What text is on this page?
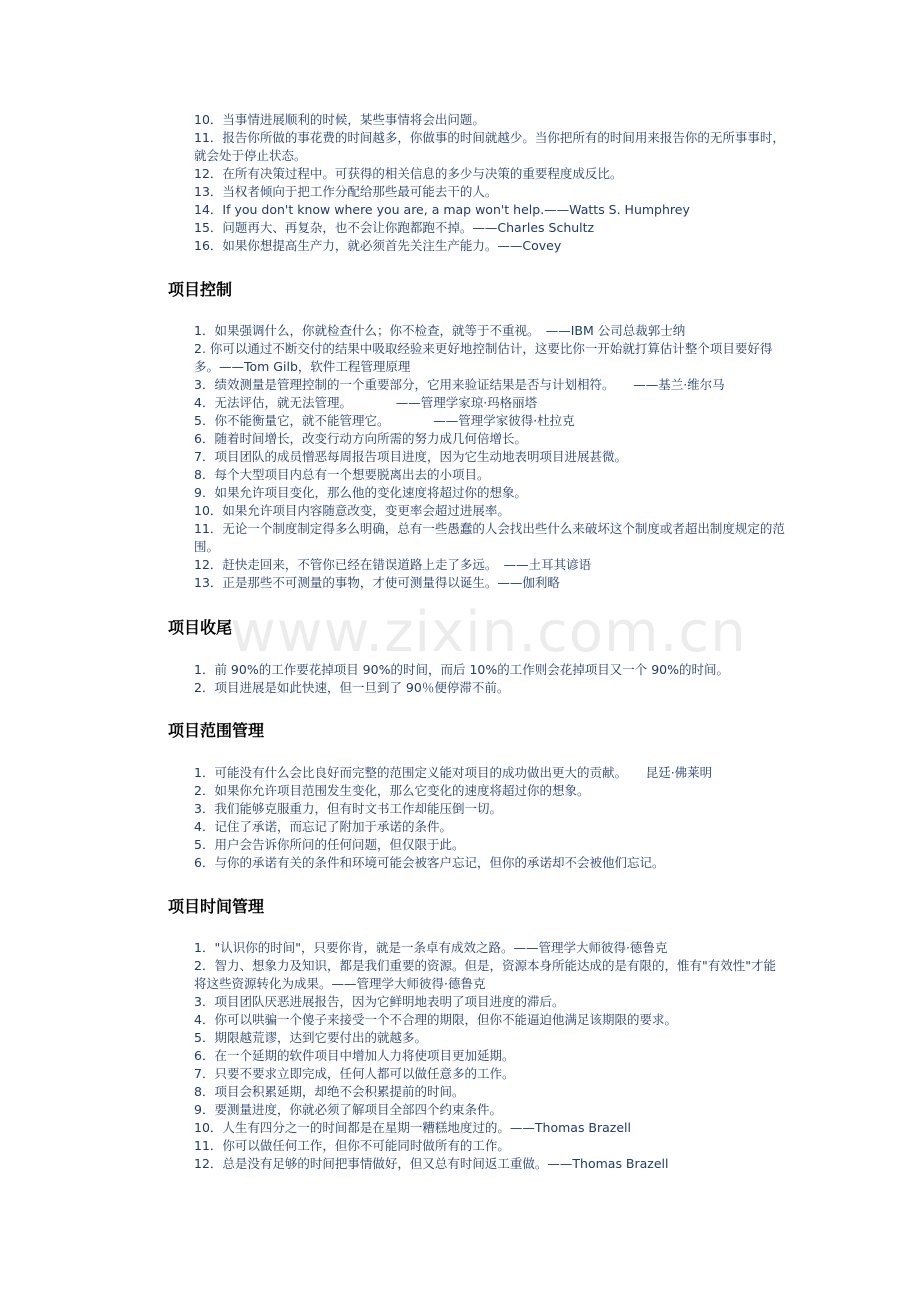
www.zixin.com.cn
10．当事情进展顺利的时候，某些事情将会出问题。
11．报告你所做的事花费的时间越多，你做事的时间就越少。当你把所有的时间用来报告你的无所事事时，就会处于停止状态。
12．在所有决策过程中。可获得的相关信息的多少与决策的重要程度成反比。
13．当权者倾向于把工作分配给那些最可能去干的人。
14．If you don't know where you are, a map won't help.——Watts S. Humphrey
15．问题再大、再复杂，也不会让你跑都跑不掉。——Charles Schultz
16．如果你想提高生产力，就必须首先关注生产能力。——Covey
项目控制
1．如果强调什么，你就检查什么；你不检查，就等于不重视。　——IBM 公司总裁郭士纳
2. 你可以通过不断交付的结果中吸取经验来更好地控制估计，这要比你一开始就打算估计整个项目要好得多。——Tom Gilb，软件工程管理原理
3．绩效测量是管理控制的一个重要部分，它用来验证结果是否与计划相符。　　——基兰·维尔马
4．无法评估，就无法管理。　　　　——管理学家琼·玛格丽塔
5．你不能衡量它，就不能管理它。　　　　——管理学家彼得·杜拉克
6．随着时间增长，改变行动方向所需的努力成几何倍增长。
7．项目团队的成员憎恶每周报告项目进度，因为它生动地表明项目进展甚微。
8．每个大型项目内总有一个想要脱离出去的小项目。
9．如果允许项目变化，那么他的变化速度将超过你的想象。
10．如果允许项目内容随意改变，变更率会超过进展率。
11．无论一个制度制定得多么明确，总有一些愚蠢的人会找出些什么来破坏这个制度或者超出制度规定的范围。
12．赶快走回来，不管你已经在错误道路上走了多远。　——土耳其谚语
13．正是那些不可测量的事物，才使可测量得以诞生。——伽利略
项目收尾
1．前 90%的工作要花掉项目 90%的时间，而后 10%的工作则会花掉项目又一个 90%的时间。
2．项目进展是如此快速，但一旦到了 90％便停滞不前。
项目范围管理
1．可能没有什么会比良好而完整的范围定义能对项目的成功做出更大的贡献。　　昆廷·佛莱明
2．如果你允许项目范围发生变化，那么它变化的速度将超过你的想象。
3．我们能够克服重力，但有时文书工作却能压倒一切。
4．记住了承诺，而忘记了附加于承诺的条件。
5．用户会告诉你所问的任何问题，但仅限于此。
6．与你的承诺有关的条件和环境可能会被客户忘记，但你的承诺却不会被他们忘记。
项目时间管理
1．"认识你的时间"，只要你肯，就是一条卓有成效之路。——管理学大师彼得·德鲁克
2．智力、想象力及知识，都是我们重要的资源。但是，资源本身所能达成的是有限的，惟有"有效性"才能将这些资源转化为成果。——管理学大师彼得·德鲁克
3．项目团队厌恶进展报告，因为它鲜明地表明了项目进度的滞后。
4．你可以哄骗一个傻子来接受一个不合理的期限，但你不能逼迫他满足该期限的要求。
5．期限越荒谬，达到它要付出的就越多。
6．在一个延期的软件项目中增加人力将使项目更加延期。
7．只要不要求立即完成，任何人都可以做任意多的工作。
8．项目会积累延期，却绝不会积累提前的时间。
9．要测量进度，你就必须了解项目全部四个约束条件。
10．人生有四分之一的时间都是在星期一糟糕地度过的。——Thomas Brazell
11．你可以做任何工作，但你不可能同时做所有的工作。
12．总是没有足够的时间把事情做好，但又总有时间返工重做。——Thomas Brazell
